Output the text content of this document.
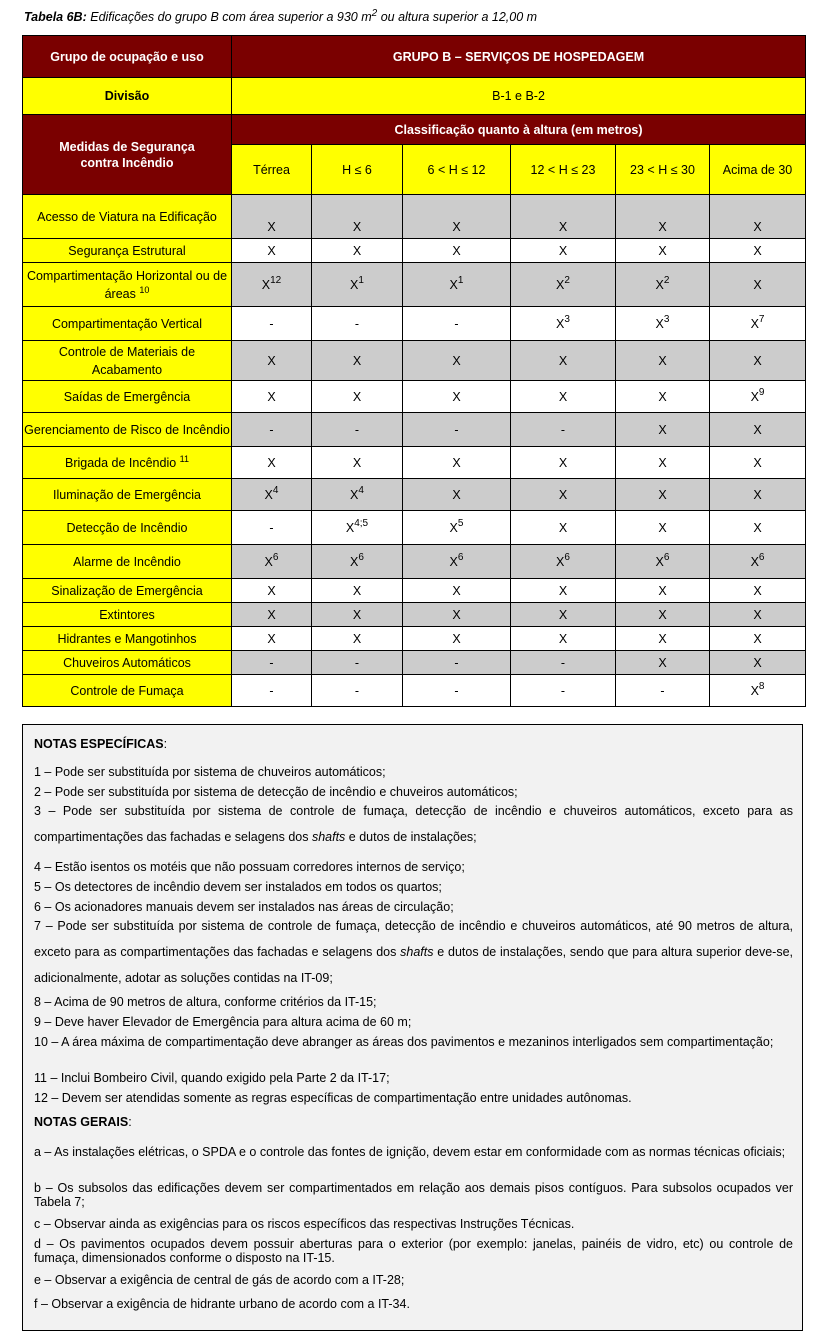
Tabela 6B: Edificações do grupo B com área superior a 930 $m^2$ ou altura superior a 12,00 m
Grupo de ocupação e uso	GRUPO B – SERVIÇOS DE HOSPEDAGEM					
Divisão	B-1 e B-2					
Medidas de Segurança contra Incêndio	Classificação quanto à altura (em metros)					
	Térrea	H ≤ 6	6 < H ≤ 12	12 < H ≤ 23	23 < H ≤ 30	Acima de 30
Acesso de Viatura na Edificação	X	X	X	X	X	X
Segurança Estrutural	X	X	X	X	X	X
Compartimentação Horizontal ou de áreas $^{10}$	$X^{12}$	$X^1$	$X^1$	$X^2$	$X^2$	X
Compartimentação Vertical	-	-	-	$X^3$	$X^3$	$X^7$
Controle de Materiais de Acabamento	X	X	X	X	X	X
Saídas de Emergência	X	X	X	X	X	$X^9$
Gerenciamento de Risco de Incêndio	-	-	-	-	X	X
Brigada de Incêndio $^{11}$	X	X	X	X	X	X
Iluminação de Emergência	$X^4$	$X^4$	X	X	X	X
Detecção de Incêndio	-	$X^{4;5}$	$X^5$	X	X	X
Alarme de Incêndio	$X^6$	$X^6$	$X^6$	$X^6$	$X^6$	$X^6$
Sinalização de Emergência	X	X	X	X	X	X
Extintores	X	X	X	X	X	X
Hidrantes e Mangotinhos	X	X	X	X	X	X
Chuveiros Automáticos	-	-	-	-	X	X
Controle de Fumaça	-	-	-	-	-	$X^8$
NOTAS ESPECÍFICAS:
1 – Pode ser substituída por sistema de chuveiros automáticos;
2 – Pode ser substituída por sistema de detecção de incêndio e chuveiros automáticos;
3 – Pode ser substituída por sistema de controle de fumaça, detecção de incêndio e chuveiros automáticos, exceto para as compartimentações das fachadas e selagens dos shafts e dutos de instalações;
4 – Estão isentos os motéis que não possuam corredores internos de serviço;
5 – Os detectores de incêndio devem ser instalados em todos os quartos;
6 – Os acionadores manuais devem ser instalados nas áreas de circulação;
7 – Pode ser substituída por sistema de controle de fumaça, detecção de incêndio e chuveiros automáticos, até 90 metros de altura, exceto para as compartimentações das fachadas e selagens dos shafts e dutos de instalações, sendo que para altura superior deve-se, adicionalmente, adotar as soluções contidas na IT-09;
8 – Acima de 90 metros de altura, conforme critérios da IT-15;
9 – Deve haver Elevador de Emergência para altura acima de 60 m;
10 – A área máxima de compartimentação deve abranger as áreas dos pavimentos e mezaninos interligados sem compartimentação;
11 – Inclui Bombeiro Civil, quando exigido pela Parte 2 da IT-17;
12 – Devem ser atendidas somente as regras específicas de compartimentação entre unidades autônomas.
NOTAS GERAIS:
a – As instalações elétricas, o SPDA e o controle das fontes de ignição, devem estar em conformidade com as normas técnicas oficiais;
b – Os subsolos das edificações devem ser compartimentados em relação aos demais pisos contíguos. Para subsolos ocupados ver Tabela 7;
c – Observar ainda as exigências para os riscos específicos das respectivas Instruções Técnicas.
d – Os pavimentos ocupados devem possuir aberturas para o exterior (por exemplo: janelas, painéis de vidro, etc) ou controle de fumaça, dimensionados conforme o disposto na IT-15.
e – Observar a exigência de central de gás de acordo com a IT-28;
f – Observar a exigência de hidrante urbano de acordo com a IT-34.
